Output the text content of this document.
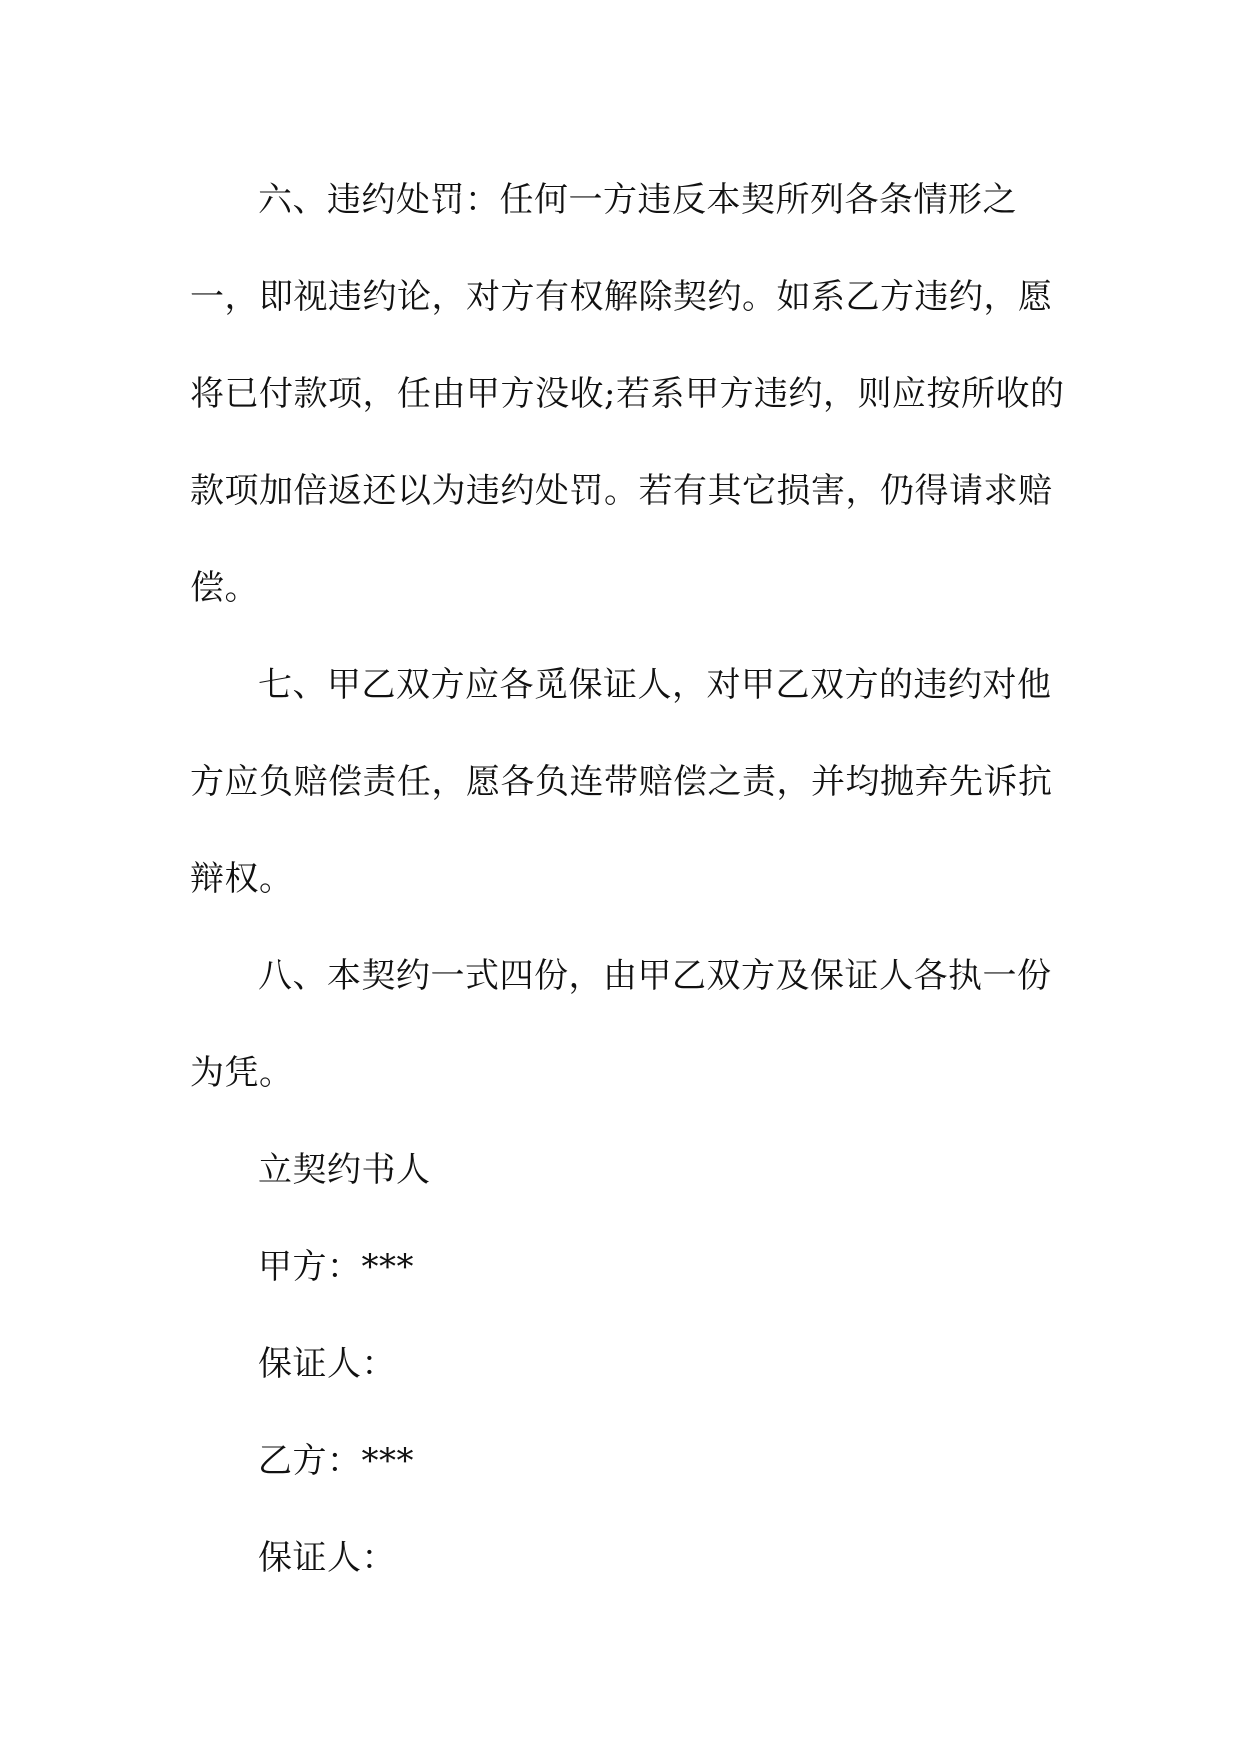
六、违约处罚：任何一方违反本契所列各条情形之
一，即视违约论，对方有权解除契约。如系乙方违约，愿
将已付款项，任由甲方没收;若系甲方违约，则应按所收的
款项加倍返还以为违约处罚。若有其它损害，仍得请求赔
偿。
七、甲乙双方应各觅保证人，对甲乙双方的违约对他
方应负赔偿责任，愿各负连带赔偿之责，并均抛弃先诉抗
辩权。
八、本契约一式四份，由甲乙双方及保证人各执一份
为凭。
立契约书人
甲方：***
保证人：
乙方：***
保证人：
